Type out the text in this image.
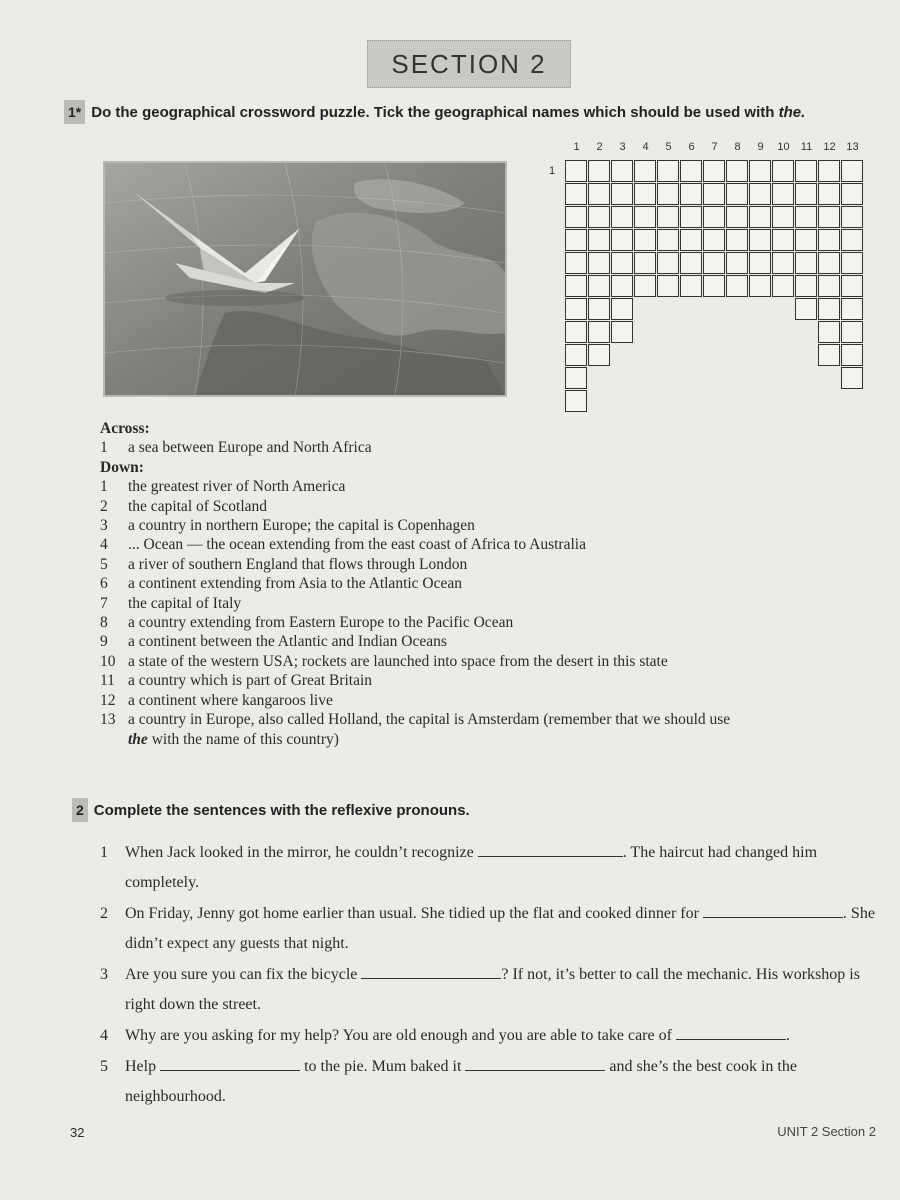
SECTION 2
1* Do the geographical crossword puzzle. Tick the geographical names which should be used with the.
1	2	3	4	5	6	7	8	9	10	11	12 13
1
Across:
1	a sea between Europe and North Africa
Down:
1	the greatest river of North America
2	the capital of Scotland
3	a country in northern Europe; the capital is Copenhagen
4	... Ocean — the ocean extending from the east coast of Africa to Australia
5	a river of southern England that flows through London
6	a continent extending from Asia to the Atlantic Ocean
7	the capital of Italy
8	a country extending from Eastern Europe to the Pacific Ocean
9	a continent between the Atlantic and Indian Oceans
10 a state of the western USA; rockets are launched into space from the desert in this state
11 a country which is part of Great Britain
12 a continent where kangaroos live
13 a country in Europe, also called Holland, the capital is Amsterdam (remember that we should use
the with the name of this country)
2 Complete the sentences with the reflexive pronouns.
1	When Jack looked in the mirror, he couldn’t recognize	. The haircut had changed him completely.
2	On Friday, Jenny got home earlier than usual. She tidied up the flat and cooked dinner for	. She didn’t expect any guests that night.
3	Are you sure you can fix the bicycle	? If not, it’s better to call the mechanic. His workshop is right down the street.
4	Why are you asking for my help? You are old enough and you are able to take care of	.
5	Help	to the pie. Mum baked it	and she’s the best cook in the neighbourhood.
32	UNIT 2 Section 2
